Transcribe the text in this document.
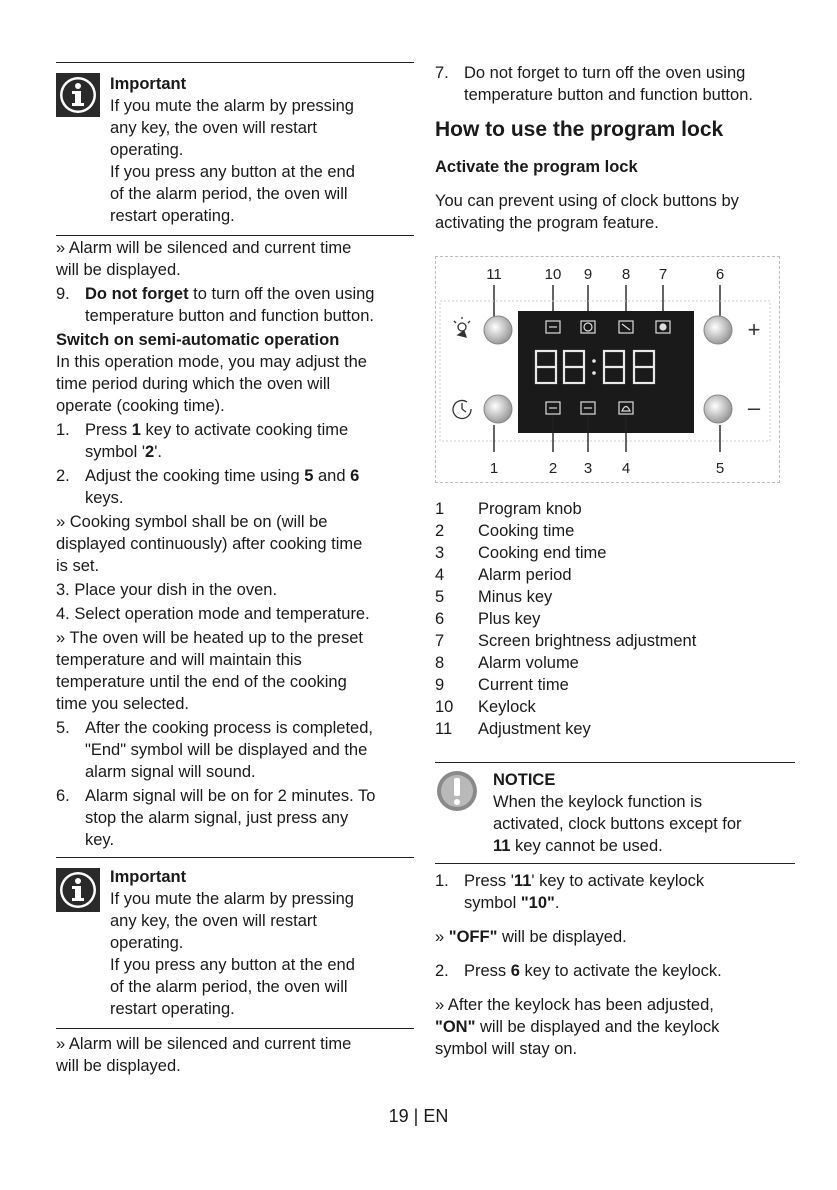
Important
If you mute the alarm by pressing
any key, the oven will restart
operating.
If you press any button at the end
of the alarm period, the oven will
restart operating.
» Alarm will be silenced and current time
will be displayed.
9. Do not forget to turn off the oven using
temperature button and function button.
Switch on semi-automatic operation
In this operation mode, you may adjust the
time period during which the oven will
operate (cooking time).
1. Press 1 key to activate cooking time
symbol '2'.
2. Adjust the cooking time using 5 and 6
keys.
» Cooking symbol shall be on (will be
displayed continuously) after cooking time
is set.
3. Place your dish in the oven.
4. Select operation mode and temperature.
» The oven will be heated up to the preset
temperature and will maintain this
temperature until the end of the cooking
time you selected.
5. After the cooking process is completed,
"End" symbol will be displayed and the
alarm signal will sound.
6. Alarm signal will be on for 2 minutes. To
stop the alarm signal, just press any
key.
Important
If you mute the alarm by pressing
any key, the oven will restart
operating.
If you press any button at the end
of the alarm period, the oven will
restart operating.
» Alarm will be silenced and current time
will be displayed.
7. Do not forget to turn off the oven using
temperature button and function button.
How to use the program lock
Activate the program lock
You can prevent using of clock buttons by
activating the program feature.
11	10 9 8 7	6
+
–
1	2 3 4	5
1 Program knob
2 Cooking time
3 Cooking end time
4 Alarm period
5 Minus key
6 Plus key
7 Screen brightness adjustment
8 Alarm volume
9 Current time
10 Keylock
11 Adjustment key
NOTICE
When the keylock function is
activated, clock buttons except for
11 key cannot be used.
1. Press '11' key to activate keylock
symbol "10".
» "OFF" will be displayed.
2. Press 6 key to activate the keylock.
» After the keylock has been adjusted,
"ON" will be displayed and the keylock
symbol will stay on.
19 | EN
